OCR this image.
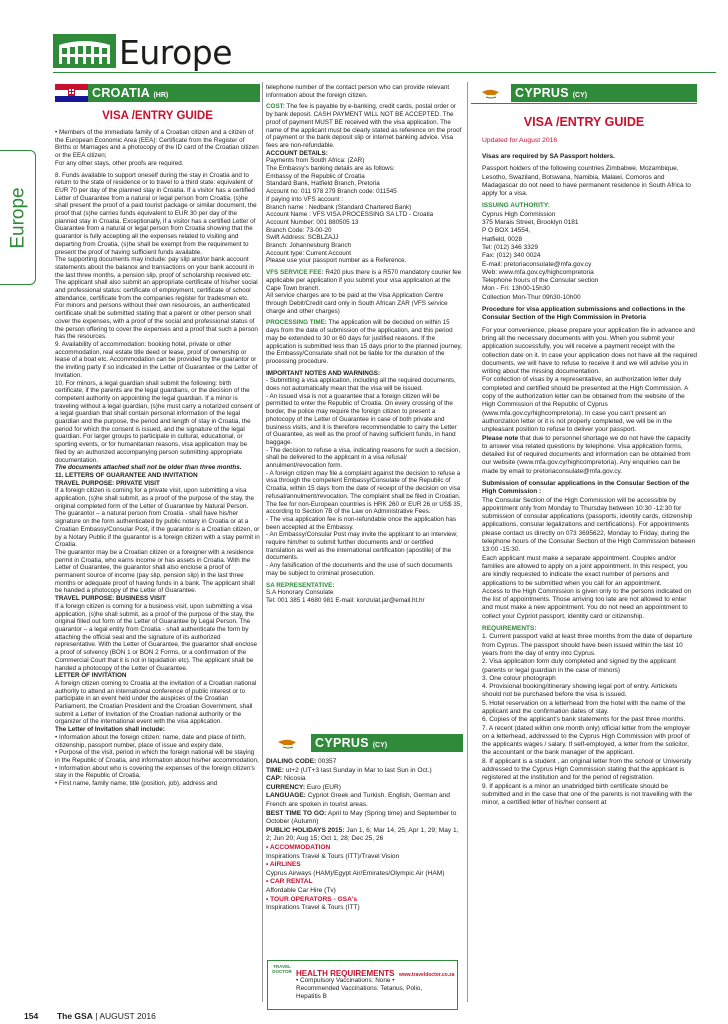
Europe
Europe
CROATIA (HR)
VISA /ENTRY GUIDE

• Members of the immediate family of a Croatian citizen and a citizen of the European Economic Area (EEA): Certificate from the Register of Births or Marriages and a photocopy of the ID card of the Croatian citizen or the EEA citizen;

For any other stays, other proofs are required.

8. Funds available to support oneself during the stay in Croatia and to return to the state of residence or to travel to a third state: equivalent of EUR 70 per day of the planned stay in Croatia. If a visitor has a certified Letter of Guarantee from a natural or legal person from Croatia, (s)he shall present the proof of a paid tourist package or similar document, the proof that (s)he carries funds equivalent to EUR 30 per day of the planned stay in Croatia. Exceptionally, if a visitor has a certified Letter of Guarantee from a natural or legal person from Croatia showing that the guarantor is fully accepting all the expenses related to visiting and departing from Croatia, (s)he shall be exempt from the requirement to present the proof of having sufficient funds available.

The supporting documents may include: pay slip and/or bank account statements about the balance and transactions on your bank account in the last three months, a pension slip, proof of scholarship received etc.

The applicant shall also submit an appropriate certificate of his/her social and professional status: certificate of employment, certificate of school attendance, certificate from the companies register for tradesmen etc. For minors and persons without their own resources, an authenticated certificate shall be submitted stating that a parent or other person shall cover the expenses, with a proof of the social and professional status of the person offering to cover the expenses and a proof that such a person has the resources.

9. Availability of accommodation: booking hotel, private or other accommodation, real estate title deed or lease, proof of ownership or lease of a boat etc. Accommodation can be provided by the guarantor or the inviting party if so indicated in the Letter of Guarantee or the Letter of Invitation.

10. For minors, a legal guardian shall submit the following: birth certificate, if the parents are the legal guardians, or the decision of the competent authority on appointing the legal guardian. If a minor is traveling without a legal guardian, (s)he must carry a notarized consent of a legal guardian that shall contain personal information of the legal guardian and the purpose, the period and length of stay in Croatia, the period for which the consent is issued, and the signature of the legal guardian. For larger groups to participate in cultural, educational, or sporting events, or for humanitarian reasons, visa application may be filed by an authorized accompanying person submitting appropriate documentation.

The documents attached shall not be older than three months.

11. LETTERS OF GUARANTEE AND INVITATION

TRAVEL PURPOSE: PRIVATE VISIT

If a foreign citizen is coming for a private visit, upon submitting a visa application, (s)he shall submit, as a proof of the purpose of the stay, the original completed form of the Letter of Guarantee by Natural Person. The guarantor – a natural person from Croatia - shall have his/her signature on the form authenticated by public notary in Croatia or at a Croatian Embassy/Consular Post, if the guarantor is a Croatian citizen, or by a Notary Public if the guarantor is a foreign citizen with a stay permit in Croatia.

The guarantor may be a Croatian citizen or a foreigner with a residence permit in Croatia, who earns income or has assets in Croatia. With the Letter of Guarantee, the guarantor shall also enclose a proof of permanent source of income (pay slip, pension slip) in the last three months or adequate proof of having funds in a bank. The applicant shall be handed a photocopy of the Letter of Guarantee.

TRAVEL PURPOSE: BUSINESS VISIT

If a foreign citizen is coming for a business visit, upon submitting a visa application, (s)he shall submit, as a proof of the purpose of the stay, the original filled out form of the Letter of Guarantee by Legal Person. The guarantor – a legal entity from Croatia - shall authenticate the form by attaching the official seal and the signature of its authorized representative. With the Letter of Guarantee, the guarantor shall enclose a proof of solvency (BON 1 or BON 2 Forms, or a confirmation of the Commercial Court that it is not in liquidation etc). The applicant shall be handed a photocopy of the Letter of Guarantee.

LETTER OF INVITATION

A foreign citizen coming to Croatia at the invitation of a Croatian national authority to attend an international conference of public interest or to participate in an event held under the auspices of the Croatian Parliament, the Croatian President and the Croatian Government, shall submit a Letter of Invitation of the Croatian national authority or the organizer of the international event with the visa application.

The Letter of Invitation shall include:

• Information about the foreign citizen: name, date and place of birth, citizenship, passport number, place of issue and expiry date,

• Purpose of the visit, period in which the foreign national will be staying in the Republic of Croatia, and information about his/her accommodation,

• Information about who is covering the expenses of the foreign citizen's stay in the Republic of Croatia,

• First name, family name, title (position, job), address and

telephone number of the contact person who can provide relevant information about the foreign citizen.

COST: The fee is payable by e-banking, credit cards, postal order or by bank deposit. CASH PAYMENT WILL NOT BE ACCEPTED. The proof of payment MUST BE received with the visa application. The name of the applicant must be clearly stated as reference on the proof of payment or the bank deposit slip or internet banking advice. Visa fees are non-refundable.

ACCOUNT DETAILS:

Payments from South Africa: (ZAR)

The Embassy's banking details are as follows:

Embassy of the Republic of Croatia

Standard Bank, Hatfield Branch, Pretoria

Account no: 011 978 279 Branch code: 011545

If paying into VFS account :

Branch name : Nedbank (Standard Chartered Bank)

Account Name : VFS VISA PROCESSING SA LTD - Croatia

Account Number: 001 880505 13

Branch Code: 73-00-20

Swift Address: SCBLZAJJ

Branch: Johannesburg Branch

Account type: Current Account

Please use your passport number as a Reference.

VFS SERVICE FEE: R420 plus there is a R570 mandatory courier fee applicable per application if you submit your visa application at the Cape Town branch.

All service charges are to be paid at the Visa Application Centre through Debit/Credit card only in South African ZAR (VFS service charge and other charges)

PROCESSING TIME: The application will be decided on within 15 days from the date of submission of the application, and this period may be extended to 30 or 60 days for justified reasons. If the application is submitted less than 15 days prior to the planned journey, the Embassy/Consulate shall not be liable for the duration of the processing procedure.

IMPORTANT NOTES AND WARNINGS:

- Submitting a visa application, including all the required documents, does not automatically mean that the visa will be issued.

- An issued visa is not a guarantee that a foreign citizen will be permitted to enter the Republic of Croatia. On every crossing of the border, the police may require the foreign citizen to present a photocopy of the Letter of Guarantee in case of both private and business visits, and it is therefore recommendable to carry the Letter of Guarantee, as well as the proof of having sufficient funds, in hand baggage.

- The decision to refuse a visa, indicating reasons for such a decision, shall be delivered to the applicant in a visa refusal/ annulment/revocation form.

- A foreign citizen may file a complaint against the decision to refuse a visa through the competent Embassy/Consulate of the Republic of Croatia, within 15 days from the date of receipt of the decision on visa refusal/annulment/revocation. The complaint shall be filed in Croatian. The fee for non-European countries is HRK 260 or EUR 26 or US$ 35, according to Section 7B of the Law on Administrative Fees.

- The visa application fee is non-refundable once the application has been accepted at the Embassy.

- An Embassy/Consular Post may invite the applicant to an interview; require him/her to submit further documents and/ or certified translation as well as the international certification (apostille) of the documents.

- Any falsification of the documents and the use of such documents may be subject to criminal prosecution.

SA REPRESENTATIVE:

S.A Honorary Consulate

Tel: 001 385 1 4680 981 E-mail: konzulat.jar@email.ht.hr

CYPRUS (CY)

DIALING CODE: 00357

TIME: ut+2 (UT+3 last Sunday in Mar to last Sun in Oct.)

CAP: Nicosia

CURRENCY: Euro (EUR)

LANGUAGE: Cypriot Greek and Turkish. English, German and French are spoken in tourist areas.

BEST TIME TO GO: April to May (Spring time) and September to October (Autumn)

PUBLIC HOLIDAYS 2015: Jan 1, 6; Mar 14, 25; Apr 1, 29; May 1, 2; Jun 20; Aug 15; Oct 1, 28; Dec 25, 26

• ACCOMMODATION

Inspirations Travel & Tours (ITT)/Travel Vision

• AIRLINES

Cyprus Airways (HAM)/Egypt Air/Emirates/Olympic Air (HAM)

• CAR RENTAL

Affordable Car Hire (Tv)

• TOUR OPERATORS - GSA's

Inspirations Travel & Tours (ITT)

TRAVEL DOCTOR HEALTH REQUIREMENTS www.traveldoctor.co.za
• Compulsory Vaccinations: None •
Recommended Vaccinations: Tetanus, Polio,
Hepatitis B
CYPRUS (CY)
VISA /ENTRY GUIDE
Updated for August 2016

Visas are required by SA Passport holders.

Passport holders of the following countries Zimbabwe, Mozambique, Lesotho, Swaziland, Botswana, Namibia, Malawi, Comoros and Madagascar do not need to have permanent residence in South Africa to apply for a visa.

ISSUING AUTHORITY:

Cyprus High Commission

375 Marais Street, Brooklyn 0181

P O BOX 14554,

Hatfield, 0028

Tel: (012) 346 3329

Fax: (012) 340 0024

E-mail: pretoriaconsulate@mfa.gov.cy

Web: www.mfa.gov.cy/highcompretoria

Telephone hours of the Consular section

Mon - Fri: 13h00-15h30

Collection Mon-Thur 09h30-10h00

Procedure for visa application submissions and collections in the Consular Section of the High Commission in Pretoria

For your convenience, please prepare your application file in advance and bring all the necessary documents with you. When you submit your application successfully, you will receive a payment receipt with the collection date on it. In case your application does not have all the required documents, we will have to refuse to receive it and we will advise you in writing about the missing documentation.

For collection of visas by a representative, an authorization letter duly completed and certified should be presented at the High Commission. A copy of the authorization letter can be obtained from the website of the High Commission of the Republic of Cyprus (www.mfa.gov.cy/highcompretoria). In case you can't present an authorization letter or it is not properly completed, we will be in the unpleasant position to refuse to deliver your passport.

Please note that due to personnel shortage we do not have the capacity to answer visa related questions by telephone. Visa application forms, detailed list of required documents and information can be obtained from our website (www.mfa.gov.cy/highcompretoria). Any enquiries can be made by email to pretoriaconsulate@mfa.gov.cy.

Submission of consular applications in the Consular Section of the High Commission :

The Consular Section of the High Commission will be accessible by appointment only from Monday to Thursday between 10:30 -12:30 for submission of consular applications (passports, identity cards, citizenship applications, consular legalizations and certifications). For appointments please contact us directly on 073 3695622, Monday to Friday, during the telephone hours of the Consular Section of the High Commission between 13:00 -15:30.

Each applicant must make a separate appointment. Couples and/or families are allowed to apply on a joint appointment. In this respect, you are kindly requested to indicate the exact number of persons and applications to be submitted when you call for an appointment.

Access to the High Commission is given only to the persons indicated on the list of appointments. Those arriving too late are not allowed to enter and must make a new appointment. You do not need an appointment to collect your Cypriot passport, identity card or citizenship.

REQUIREMENTS:

1. Current passport valid at least three months from the date of departure from Cyprus. The passport should have been issued within the last 10 years from the day of entry into Cyprus.

2. Visa application form duly completed and signed by the applicant (parents or legal guardian in the case of minors)

3. One colour photograph

4. Provisional booking/itinerary showing legal port of entry. Airtickets should not be purchased before the visa is issued.

5. Hotel reservation on a letterhead from the hotel with the name of the applicant and the confirmation dates of stay.

6. Copies of the applicant's bank statements for the past three months.

7. A recent (dated within one month only) official letter from the employer on a letterhead, addressed to the Cyprus High Commission with proof of the applicants wages / salary. If self-employed, a letter from the solicitor, the accountant or the bank manager of the applicant.

8. If applicant is a student , an original letter from the school or University addressed to the Cyprus High Commission stating that the applicant is registered at the institution and for the period of registration.

9. If applicant is a minor an unabridged birth certificate should be submitted and in the case that one of the parents is not travelling with the minor, a certified letter of his/her consent at

154 The GSA | AUGUST 2016
